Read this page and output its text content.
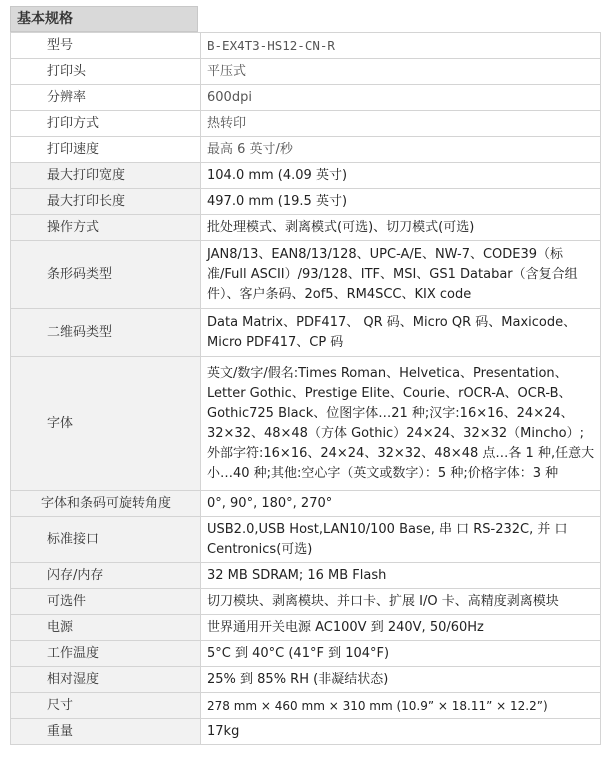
基本规格
型号	B-EX4T3-HS12-CN-R
打印头	平压式
分辨率	600dpi
打印方式	热转印
打印速度	最高 6 英寸/秒
最大打印宽度	104.0 mm (4.09 英寸)
最大打印长度	497.0 mm (19.5 英寸)
操作方式	批处理模式、剥离模式(可选)、切刀模式(可选)
条形码类型	JAN8/13、EAN8/13/128、UPC-A/E、NW-7、CODE39（标准/Full ASCII）/93/128、ITF、MSI、GS1 Databar（含复合组件）、客户条码、2of5、RM4SCC、KIX code
二维码类型	Data Matrix、PDF417、 QR 码、Micro QR 码、Maxicode、Micro PDF417、CP 码
字体	英文/数字/假名:Times Roman、Helvetica、Presentation、Letter Gothic、Prestige Elite、Courie、rOCR-A、OCR-B、Gothic725 Black、位图字体…21 种;汉字:16×16、24×24、32×32、48×48（方体 Gothic）24×24、32×32（Mincho）;外部字符:16×16、24×24、32×32、48×48 点…各 1 种,任意大小…40 种;其他:空心字（英文或数字）：5 种;价格字体：3 种
字体和条码可旋转角度	0°, 90°, 180°, 270°
标准接口	USB2.0,USB Host,LAN10/100 Base, 串 口 RS-232C, 并 口 Centronics(可选)
闪存/内存	32 MB SDRAM; 16 MB Flash
可选件	切刀模块、剥离模块、并口卡、扩展 I/O 卡、高精度剥离模块
电源	世界通用开关电源 AC100V 到 240V, 50/60Hz
工作温度	5°C 到 40°C (41°F 到 104°F)
相对湿度	25% 到 85% RH (非凝结状态)
尺寸	278 mm × 460 mm × 310 mm (10.9” × 18.11” × 12.2”)
重量	17kg
